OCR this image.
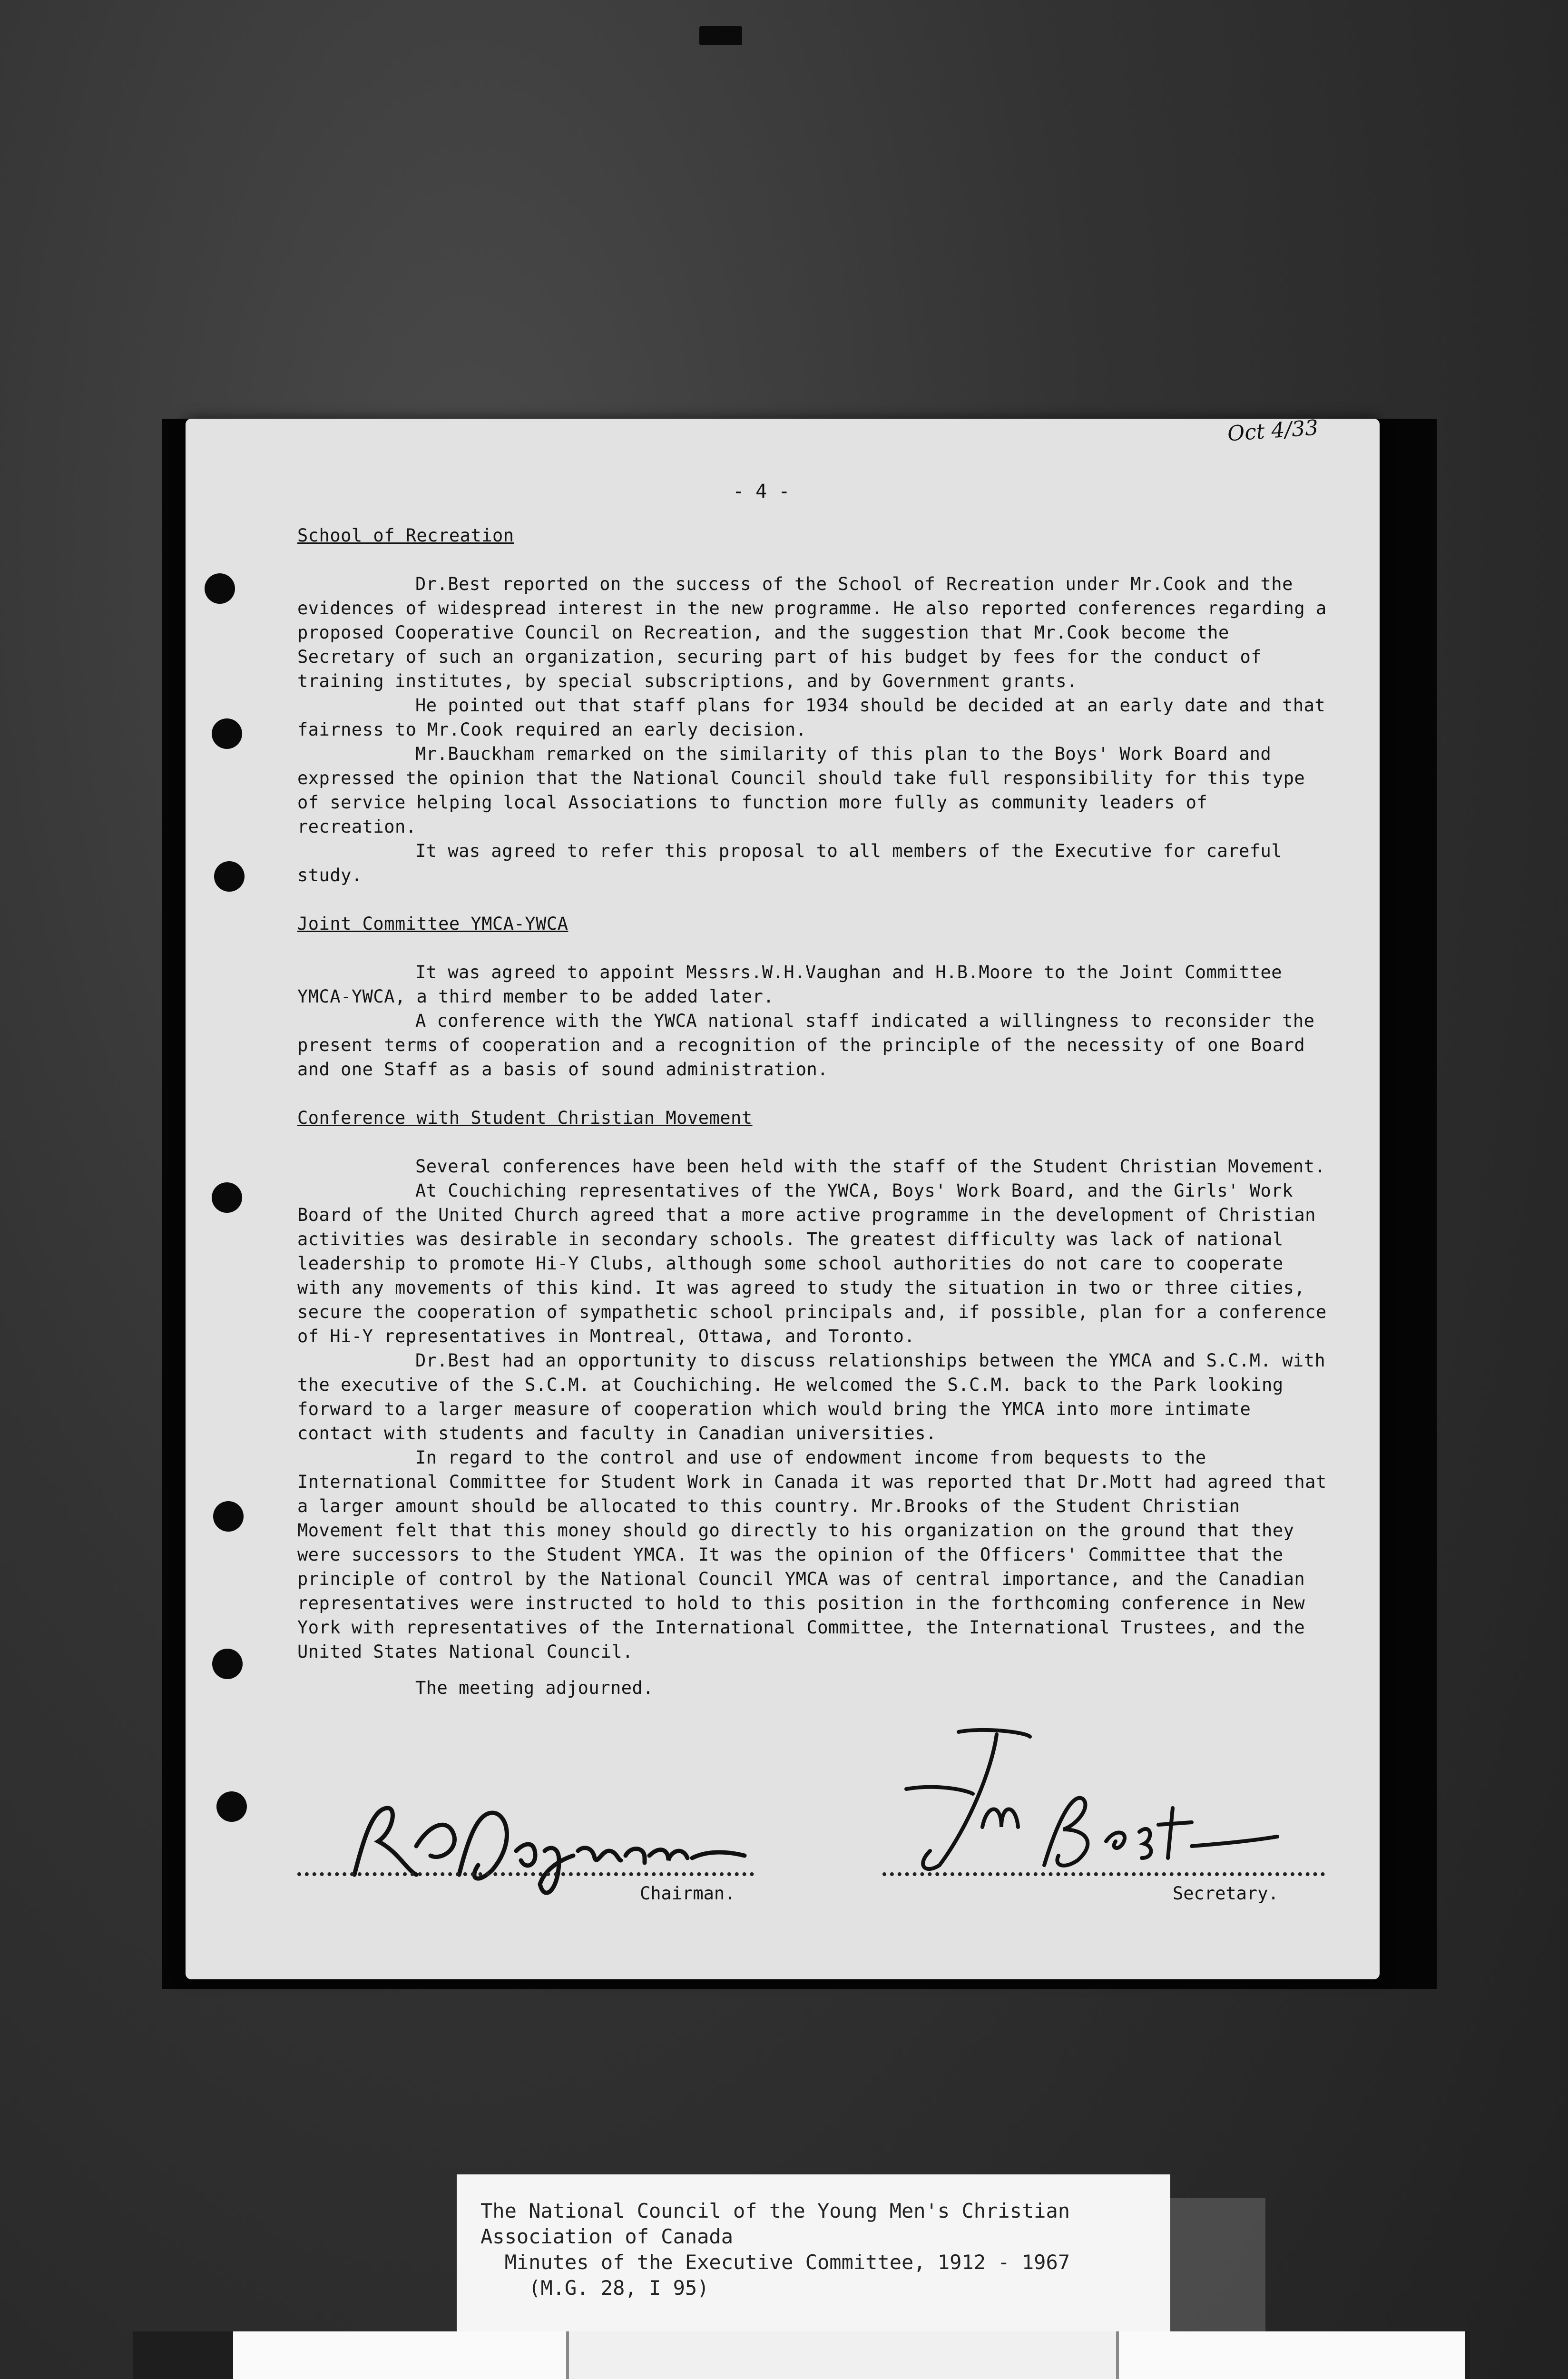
Oct 4/33
- 4 -

School of Recreation

Dr.Best reported on the success of the School of Recreation under Mr.Cook and the evidences of widespread interest in the new programme. He also reported conferences regarding a proposed Cooperative Council on Recreation, and the suggestion that Mr.Cook become the Secretary of such an organization, securing part of his budget by fees for the conduct of training institutes, by special subscriptions, and by Government grants.

He pointed out that staff plans for 1934 should be decided at an early date and that fairness to Mr.Cook required an early decision.

Mr.Bauckham remarked on the similarity of this plan to the Boys' Work Board and expressed the opinion that the National Council should take full responsibility for this type of service helping local Associations to function more fully as community leaders of recreation.

It was agreed to refer this proposal to all members of the Executive for careful study.

Joint Committee YMCA-YWCA

It was agreed to appoint Messrs.W.H.Vaughan and H.B.Moore to the Joint Committee YMCA-YWCA, a third member to be added later.

A conference with the YWCA national staff indicated a willingness to reconsider the present terms of cooperation and a recognition of the principle of the necessity of one Board and one Staff as a basis of sound administration.

Conference with Student Christian Movement

Several conferences have been held with the staff of the Student Christian Movement.

At Couchiching representatives of the YWCA, Boys' Work Board, and the Girls' Work Board of the United Church agreed that a more active programme in the development of Christian activities was desirable in secondary schools. The greatest difficulty was lack of national leadership to promote Hi-Y Clubs, although some school authorities do not care to cooperate with any movements of this kind. It was agreed to study the situation in two or three cities, secure the cooperation of sympathetic school principals and, if possible, plan for a conference of Hi-Y representatives in Montreal, Ottawa, and Toronto.

Dr.Best had an opportunity to discuss relationships between the YMCA and S.C.M. with the executive of the S.C.M. at Couchiching. He welcomed the S.C.M. back to the Park looking forward to a larger measure of cooperation which would bring the YMCA into more intimate contact with students and faculty in Canadian universities.

In regard to the control and use of endowment income from bequests to the International Committee for Student Work in Canada it was reported that Dr.Mott had agreed that a larger amount should be allocated to this country. Mr.Brooks of the Student Christian Movement felt that this money should go directly to his organization on the ground that they were successors to the Student YMCA. It was the opinion of the Officers' Committee that the principle of control by the National Council YMCA was of central importance, and the Canadian representatives were instructed to hold to this position in the forthcoming conference in New York with representatives of the International Committee, the International Trustees, and the United States National Council.

The meeting adjourned.

Chairman.	Secretary.

The National Council of the Young Men's Christian

Association of Canada

Minutes of the Executive Committee, 1912 - 1967

(M.G. 28, I 95)
